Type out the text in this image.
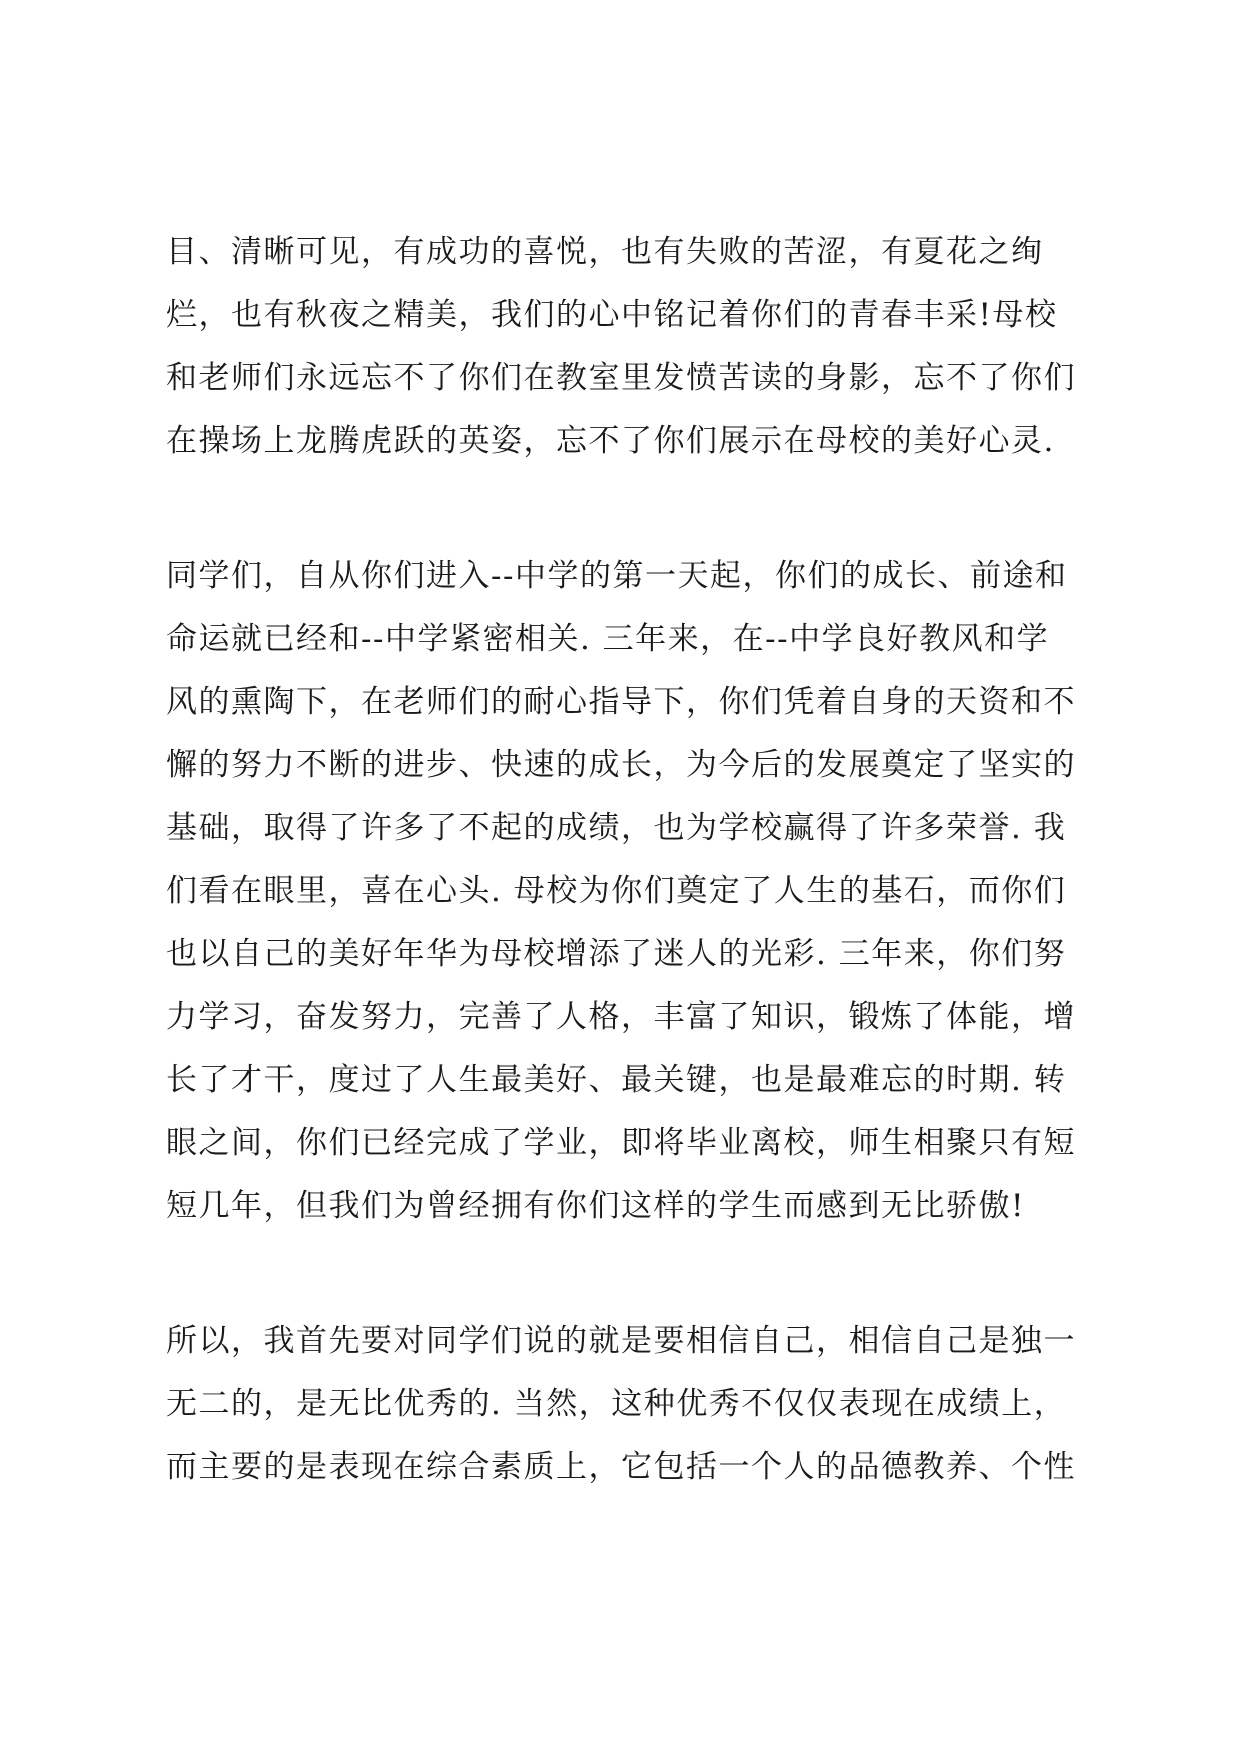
目、清晰可见，有成功的喜悦，也有失败的苦涩，有夏花之绚
烂，也有秋夜之精美，我们的心中铭记着你们的青春丰采!母校
和老师们永远忘不了你们在教室里发愤苦读的身影，忘不了你们
在操场上龙腾虎跃的英姿，忘不了你们展示在母校的美好心灵.
同学们，自从你们进入--中学的第一天起，你们的成长、前途和
命运就已经和--中学紧密相关. 三年来，在--中学良好教风和学
风的熏陶下，在老师们的耐心指导下，你们凭着自身的天资和不
懈的努力不断的进步、快速的成长，为今后的发展奠定了坚实的
基础，取得了许多了不起的成绩，也为学校赢得了许多荣誉. 我
们看在眼里，喜在心头. 母校为你们奠定了人生的基石，而你们
也以自己的美好年华为母校增添了迷人的光彩. 三年来，你们努
力学习，奋发努力，完善了人格，丰富了知识，锻炼了体能，增
长了才干，度过了人生最美好、最关键，也是最难忘的时期. 转
眼之间，你们已经完成了学业，即将毕业离校，师生相聚只有短
短几年，但我们为曾经拥有你们这样的学生而感到无比骄傲!
所以，我首先要对同学们说的就是要相信自己，相信自己是独一
无二的，是无比优秀的. 当然，这种优秀不仅仅表现在成绩上，
而主要的是表现在综合素质上，它包括一个人的品德教养、个性
